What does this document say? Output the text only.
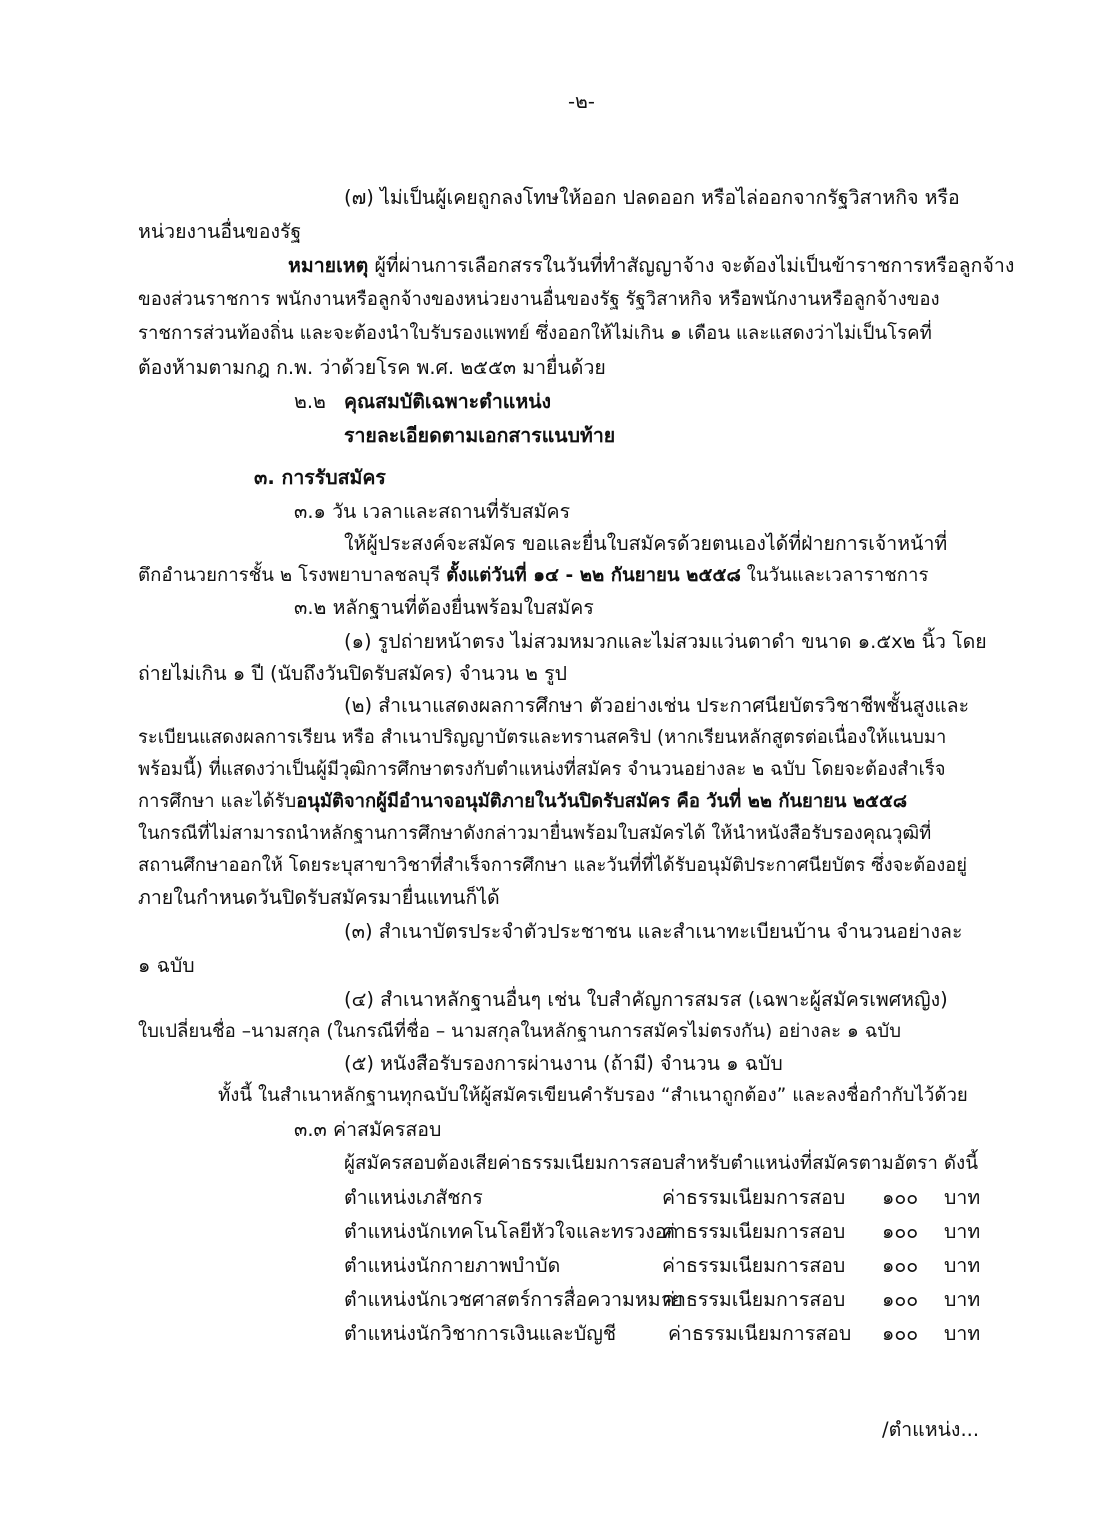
-๒-
(๗) ไม่เป็นผู้เคยถูกลงโทษให้ออก ปลดออก หรือไล่ออกจากรัฐวิสาหกิจ หรือ
หน่วยงานอื่นของรัฐ
หมายเหตุ ผู้ที่ผ่านการเลือกสรรในวันที่ทำสัญญาจ้าง จะต้องไม่เป็นข้าราชการหรือลูกจ้าง
ของส่วนราชการ พนักงานหรือลูกจ้างของหน่วยงานอื่นของรัฐ รัฐวิสาหกิจ หรือพนักงานหรือลูกจ้างของ
ราชการส่วนท้องถิ่น และจะต้องนำใบรับรองแพทย์ ซึ่งออกให้ไม่เกิน ๑ เดือน และแสดงว่าไม่เป็นโรคที่
ต้องห้ามตามกฎ ก.พ. ว่าด้วยโรค พ.ศ. ๒๕๕๓ มายื่นด้วย
๒.๒ คุณสมบัติเฉพาะตำแหน่ง
รายละเอียดตามเอกสารแนบท้าย
๓. การรับสมัคร
๓.๑ วัน เวลาและสถานที่รับสมัคร
ให้ผู้ประสงค์จะสมัคร ขอและยื่นใบสมัครด้วยตนเองได้ที่ฝ่ายการเจ้าหน้าที่
ตึกอำนวยการชั้น ๒ โรงพยาบาลชลบุรี ตั้งแต่วันที่ ๑๔ - ๒๒ กันยายน ๒๕๕๘ ในวันและเวลาราชการ
๓.๒ หลักฐานที่ต้องยื่นพร้อมใบสมัคร
(๑) รูปถ่ายหน้าตรง ไม่สวมหมวกและไม่สวมแว่นตาดำ ขนาด ๑.๕x๒ นิ้ว โดย
ถ่ายไม่เกิน ๑ ปี (นับถึงวันปิดรับสมัคร) จำนวน ๒ รูป
(๒) สำเนาแสดงผลการศึกษา ตัวอย่างเช่น ประกาศนียบัตรวิชาชีพชั้นสูงและ
ระเบียนแสดงผลการเรียน หรือ สำเนาปริญญาบัตรและทรานสคริป (หากเรียนหลักสูตรต่อเนื่องให้แนบมา
พร้อมนี้) ที่แสดงว่าเป็นผู้มีวุฒิการศึกษาตรงกับตำแหน่งที่สมัคร จำนวนอย่างละ ๒ ฉบับ โดยจะต้องสำเร็จ
การศึกษา และได้รับอนุมัติจากผู้มีอำนาจอนุมัติภายในวันปิดรับสมัคร คือ วันที่ ๒๒ กันยายน ๒๕๕๘
ในกรณีที่ไม่สามารถนำหลักฐานการศึกษาดังกล่าวมายื่นพร้อมใบสมัครได้ ให้นำหนังสือรับรองคุณวุฒิที่
สถานศึกษาออกให้ โดยระบุสาขาวิชาที่สำเร็จการศึกษา และวันที่ที่ได้รับอนุมัติประกาศนียบัตร ซึ่งจะต้องอยู่
ภายในกำหนดวันปิดรับสมัครมายื่นแทนก็ได้
(๓) สำเนาบัตรประจำตัวประชาชน และสำเนาทะเบียนบ้าน จำนวนอย่างละ
๑ ฉบับ
(๔) สำเนาหลักฐานอื่นๆ เช่น ใบสำคัญการสมรส (เฉพาะผู้สมัครเพศหญิง)
ใบเปลี่ยนชื่อ –นามสกุล (ในกรณีที่ชื่อ – นามสกุลในหลักฐานการสมัครไม่ตรงกัน) อย่างละ ๑ ฉบับ
(๕) หนังสือรับรองการผ่านงาน (ถ้ามี) จำนวน ๑ ฉบับ
ทั้งนี้ ในสำเนาหลักฐานทุกฉบับให้ผู้สมัครเขียนคำรับรอง “สำเนาถูกต้อง” และลงชื่อกำกับไว้ด้วย
๓.๓ ค่าสมัครสอบ
ผู้สมัครสอบต้องเสียค่าธรรมเนียมการสอบสำหรับตำแหน่งที่สมัครตามอัตรา ดังนี้
ตำแหน่งเภสัชกร	ค่าธรรมเนียมการสอบ ๑๐๐ บาท
ตำแหน่งนักเทคโนโลยีหัวใจและทรวงอก
ค่าธรรมเนียมการสอบ ๑๐๐ บาท
ตำแหน่งนักกายภาพบำบัด	ค่าธรรมเนียมการสอบ ๑๐๐ บาท
ตำแหน่งนักเวชศาสตร์การสื่อความหมาย
ค่าธรรมเนียมการสอบ ๑๐๐ บาท
ตำแหน่งนักวิชาการเงินและบัญชี	ค่าธรรมเนียมการสอบ ๑๐๐ บาท
/ตำแหน่ง...
